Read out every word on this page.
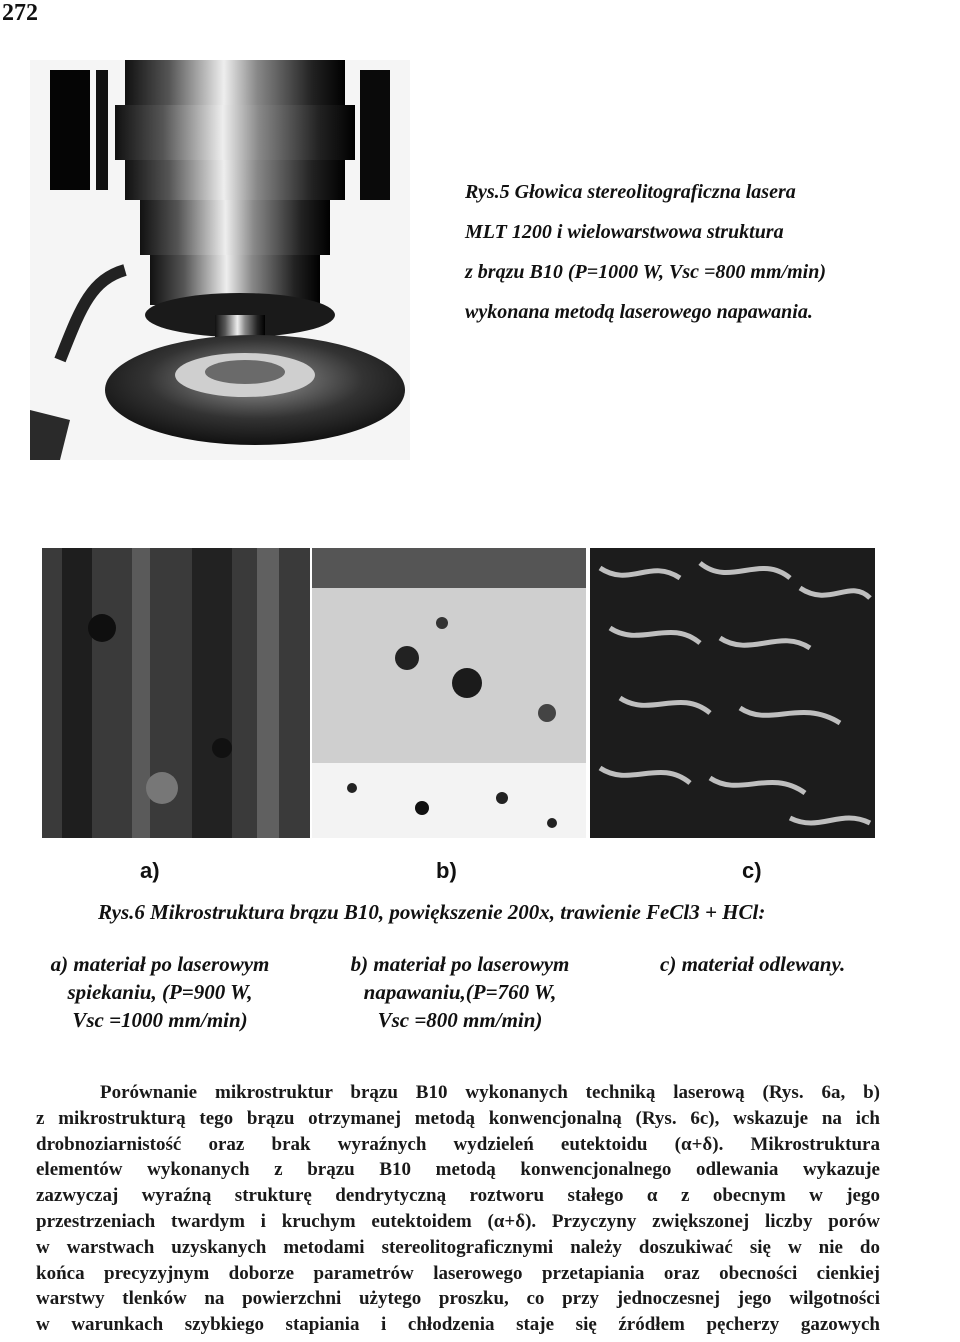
272
Rys.5 Głowica stereolitograficzna lasera
MLT 1200 i wielowarstwowa struktura
z brązu B10 (P=1000 W, Vsc =800 mm/min)
wykonana metodą laserowego napawania.
a)	b)	c)
Rys.6 Mikrostruktura brązu B10, powiększenie 200x, trawienie FeCl3 + HCl:
a) materiał po laserowym
spiekaniu, (P=900 W,
Vsc =1000 mm/min)
b) materiał po laserowym
napawaniu,(P=760 W,
Vsc =800 mm/min)
c) materiał odlewany.
Porównanie mikrostruktur brązu B10 wykonanych techniką laserową (Rys. 6a, b)
z mikrostrukturą tego brązu otrzymanej metodą konwencjonalną (Rys. 6c), wskazuje na ich
drobnoziarnistość oraz brak wyraźnych wydzieleń eutektoidu (α+δ). Mikrostruktura
elementów wykonanych z brązu B10 metodą konwencjonalnego odlewania wykazuje
zazwyczaj wyraźną strukturę dendrytyczną roztworu stałego α z obecnym w jego
przestrzeniach twardym i kruchym eutektoidem (α+δ). Przyczyny zwiększonej liczby porów
w warstwach uzyskanych metodami stereolitograficznymi należy doszukiwać się w nie do
końca precyzyjnym doborze parametrów laserowego przetapiania oraz obecności cienkiej
warstwy tlenków na powierzchni użytego proszku, co przy jednoczesnej jego wilgotności
w warunkach szybkiego stapiania i chłodzenia staje się źródłem pęcherzy gazowych
